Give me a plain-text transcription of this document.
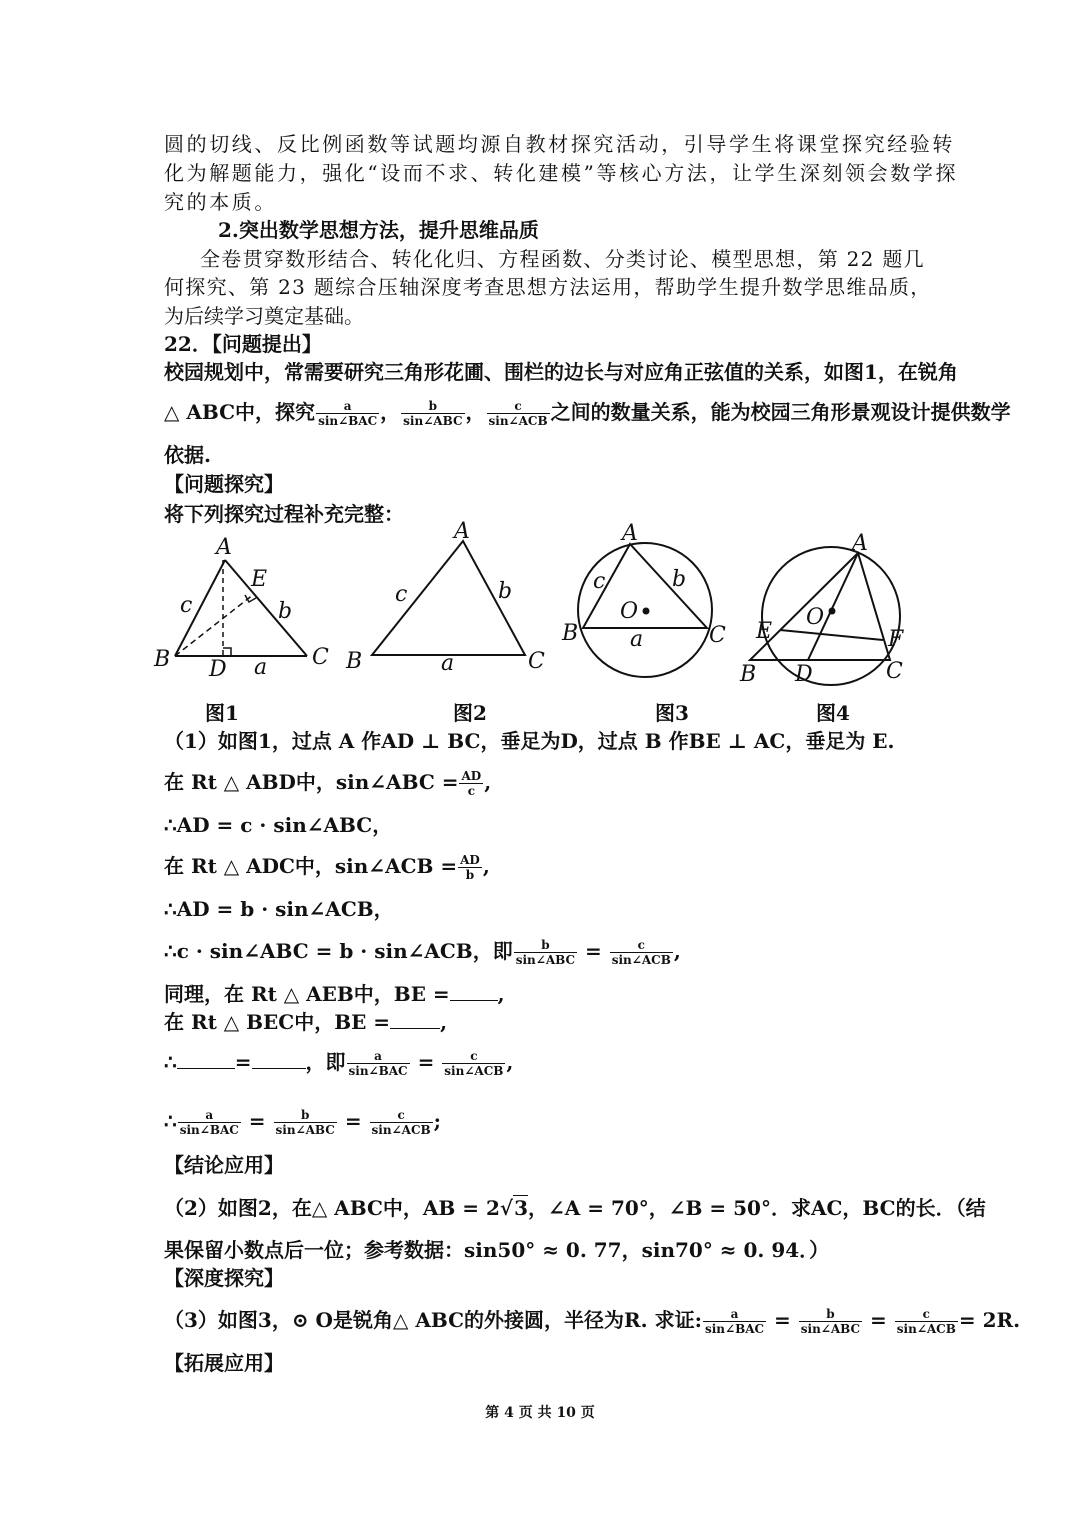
圆的切线、反比例函数等试题均源自教材探究活动，引导学生将课堂探究经验转
化为解题能力，强化“设而不求、转化建模”等核心方法，让学生深刻领会数学探
究的本质。
2.突出数学思想方法，提升思维品质
全卷贯穿数形结合、转化化归、方程函数、分类讨论、模型思想，第 22 题几
何探究、第 23 题综合压轴深度考查思想方法运用，帮助学生提升数学思维品质，
为后续学习奠定基础。
22．【问题提出】
校园规划中，常需要研究三角形花圃、围栏的边长与对应角正弦值的关系，如图1，在锐角
△ ABC中，探究	a
sin∠BAC ，	b
sin∠ABC ，	c
sin∠ACB 之间的数量关系，能为校园三角形景观设计提供数学
依据.
【问题探究】
将下列探究过程补充完整：
A
E
c	b
B D a C
A
c	b
B	a	C
A
c	b
O
B a	C
A
O
E	F
B D	C
图1	图2	图3	图4
（1）如图1，过点 A 作AD ⊥ BC，垂足为D，过点 B 作BE ⊥ AC，垂足为 E.
在 Rt △ ABD中，sin∠ABC = $\frac{AD}{c}$ ,
∴AD = c · sin∠ABC，
在 Rt △ ADC中，sin∠ACB = $\frac{AD}{b}$ ,
∴AD = b · sin∠ACB，
∴c · sin∠ABC = b · sin∠ACB，即	b
sin∠ABC =	c
sin∠ACB ,
同理，在 Rt △ AEB中，BE = ,
在 Rt △ BEC中，BE =	,
∴	=	，即	a
sin∠BAC =	c
sin∠ACB ,
∴	a
sin∠BAC =	b
sin∠ABC =	c
sin∠ACB ;
【结论应用】
（2）如图2，在△ ABC中，AB = 2√3，∠A = 70°，∠B = 50°．求AC，BC的长．（结
果保留小数点后一位；参考数据：sin50° ≈ 0. 77，sin70° ≈ 0. 94．）
【深度探究】
（3）如图3，⊙ O是锐角△ ABC的外接圆，半径为R. 求证:	a
sin∠BAC =	b
sin∠ABC =	c
sin∠ACB = 2R.
【拓展应用】
第 4 页 共 10 页
